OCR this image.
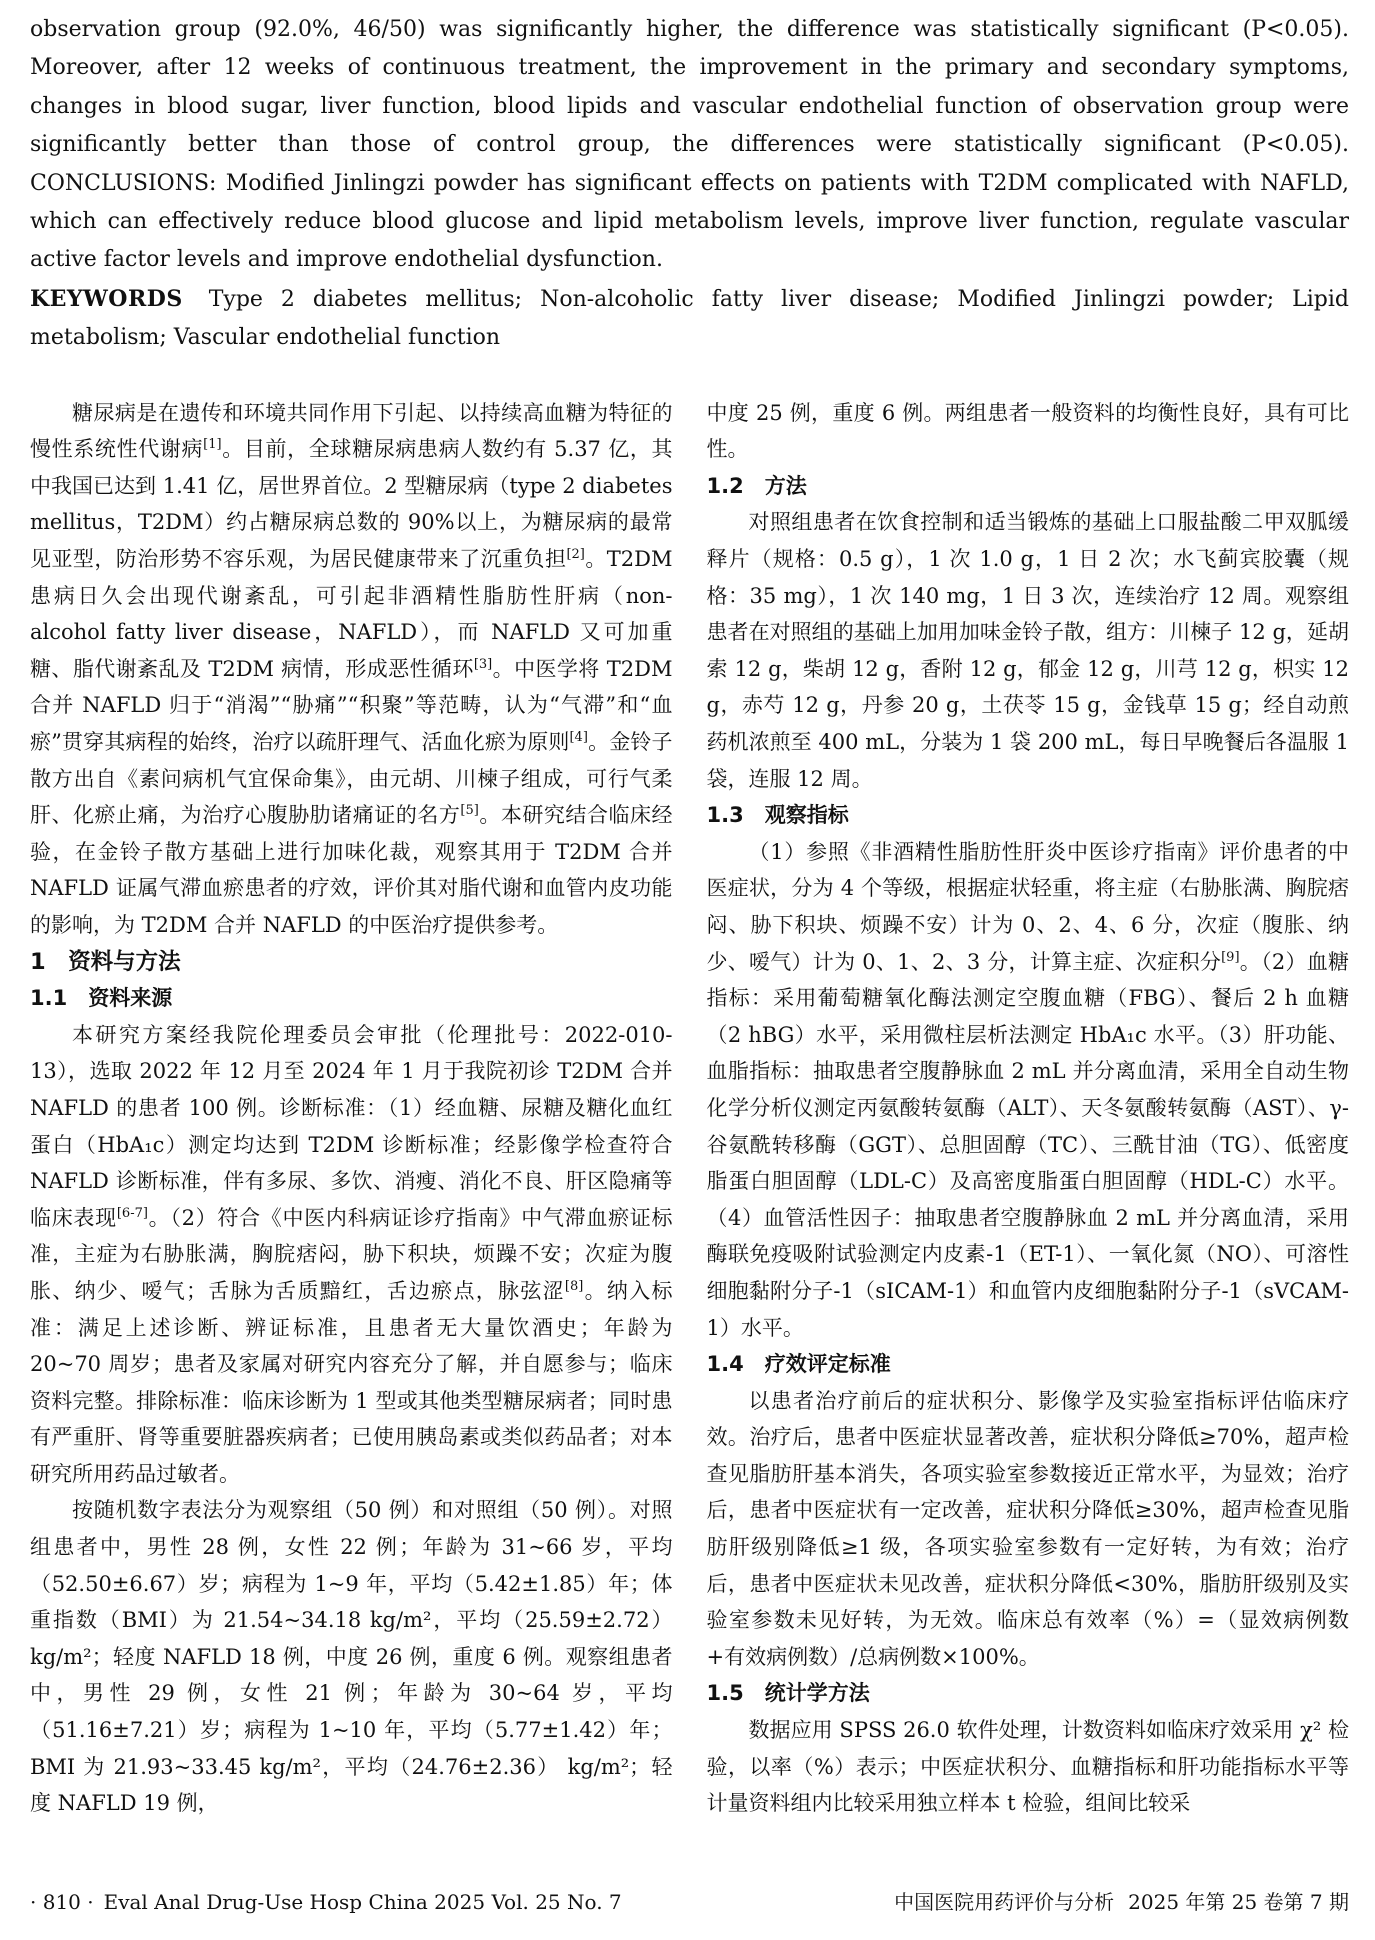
observation group (92.0%, 46/50) was significantly higher, the difference was statistically significant (P<0.05). Moreover, after 12 weeks of continuous treatment, the improvement in the primary and secondary symptoms, changes in blood sugar, liver function, blood lipids and vascular endothelial function of observation group were significantly better than those of control group, the differences were statistically significant (P<0.05). CONCLUSIONS: Modified Jinlingzi powder has significant effects on patients with T2DM complicated with NAFLD, which can effectively reduce blood glucose and lipid metabolism levels, improve liver function, regulate vascular active factor levels and improve endothelial dysfunction.

KEYWORDS Type 2 diabetes mellitus; Non-alcoholic fatty liver disease; Modified Jinlingzi powder; Lipid metabolism; Vascular endothelial function

糖尿病是在遗传和环境共同作用下引起、以持续高血糖为特征的慢性系统性代谢病[1]。目前，全球糖尿病患病人数约有 5.37 亿，其中我国已达到 1.41 亿，居世界首位。2 型糖尿病（type 2 diabetes mellitus，T2DM）约占糖尿病总数的 90%以上，为糖尿病的最常见亚型，防治形势不容乐观，为居民健康带来了沉重负担[2]。T2DM 患病日久会出现代谢紊乱，可引起非酒精性脂肪性肝病（non-alcohol fatty liver disease，NAFLD），而 NAFLD 又可加重糖、脂代谢紊乱及 T2DM 病情，形成恶性循环[3]。中医学将 T2DM 合并 NAFLD 归于“消渴”“胁痛”“积聚”等范畴，认为“气滞”和“血瘀”贯穿其病程的始终，治疗以疏肝理气、活血化瘀为原则[4]。金铃子散方出自《素问病机气宜保命集》，由元胡、川楝子组成，可行气柔肝、化瘀止痛，为治疗心腹胁肋诸痛证的名方[5]。本研究结合临床经验，在金铃子散方基础上进行加味化裁，观察其用于 T2DM 合并 NAFLD 证属气滞血瘀患者的疗效，评价其对脂代谢和血管内皮功能的影响，为 T2DM 合并 NAFLD 的中医治疗提供参考。

1　资料与方法
1.1　资料来源

本研究方案经我院伦理委员会审批（伦理批号：2022-010-13），选取 2022 年 12 月至 2024 年 1 月于我院初诊 T2DM 合并 NAFLD 的患者 100 例。诊断标准：（1）经血糖、尿糖及糖化血红蛋白（HbA₁c）测定均达到 T2DM 诊断标准；经影像学检查符合 NAFLD 诊断标准，伴有多尿、多饮、消瘦、消化不良、肝区隐痛等临床表现[6-7]。（2）符合《中医内科病证诊疗指南》中气滞血瘀证标准，主症为右胁胀满，胸脘痞闷，胁下积块，烦躁不安；次症为腹胀、纳少、嗳气；舌脉为舌质黯红，舌边瘀点，脉弦涩[8]。纳入标准：满足上述诊断、辨证标准，且患者无大量饮酒史；年龄为 20~70 周岁；患者及家属对研究内容充分了解，并自愿参与；临床资料完整。排除标准：临床诊断为 1 型或其他类型糖尿病者；同时患有严重肝、肾等重要脏器疾病者；已使用胰岛素或类似药品者；对本研究所用药品过敏者。

按随机数字表法分为观察组（50 例）和对照组（50 例）。对照组患者中，男性 28 例，女性 22 例；年龄为 31~66 岁，平均（52.50±6.67）岁；病程为 1~9 年，平均（5.42±1.85）年；体重指数（BMI）为 21.54~34.18 kg/m²，平均（25.59±2.72） kg/m²；轻度 NAFLD 18 例，中度 26 例，重度 6 例。观察组患者中，男性 29 例，女性 21 例；年龄为 30~64 岁，平均（51.16±7.21）岁；病程为 1~10 年，平均（5.77±1.42）年；BMI 为 21.93~33.45 kg/m²，平均（24.76±2.36） kg/m²；轻度 NAFLD 19 例，

中度 25 例，重度 6 例。两组患者一般资料的均衡性良好，具有可比性。

1.2　方法

对照组患者在饮食控制和适当锻炼的基础上口服盐酸二甲双胍缓释片（规格：0.5 g），1 次 1.0 g，1 日 2 次；水飞蓟宾胶囊（规格：35 mg），1 次 140 mg，1 日 3 次，连续治疗 12 周。观察组患者在对照组的基础上加用加味金铃子散，组方：川楝子 12 g，延胡索 12 g，柴胡 12 g，香附 12 g，郁金 12 g，川芎 12 g，枳实 12 g，赤芍 12 g，丹参 20 g，土茯苓 15 g，金钱草 15 g；经自动煎药机浓煎至 400 mL，分装为 1 袋 200 mL，每日早晚餐后各温服 1 袋，连服 12 周。

1.3　观察指标

（1）参照《非酒精性脂肪性肝炎中医诊疗指南》评价患者的中医症状，分为 4 个等级，根据症状轻重，将主症（右胁胀满、胸脘痞闷、胁下积块、烦躁不安）计为 0、2、4、6 分，次症（腹胀、纳少、嗳气）计为 0、1、2、3 分，计算主症、次症积分[9]。（2）血糖指标：采用葡萄糖氧化酶法测定空腹血糖（FBG）、餐后 2 h 血糖（2 hBG）水平，采用微柱层析法测定 HbA₁c 水平。（3）肝功能、血脂指标：抽取患者空腹静脉血 2 mL 并分离血清，采用全自动生物化学分析仪测定丙氨酸转氨酶（ALT）、天冬氨酸转氨酶（AST）、γ-谷氨酰转移酶（GGT）、总胆固醇（TC）、三酰甘油（TG）、低密度脂蛋白胆固醇（LDL-C）及高密度脂蛋白胆固醇（HDL-C）水平。（4）血管活性因子：抽取患者空腹静脉血 2 mL 并分离血清，采用酶联免疫吸附试验测定内皮素-1（ET-1）、一氧化氮（NO）、可溶性细胞黏附分子-1（sICAM-1）和血管内皮细胞黏附分子-1（sVCAM-1）水平。

1.4　疗效评定标准

以患者治疗前后的症状积分、影像学及实验室指标评估临床疗效。治疗后，患者中医症状显著改善，症状积分降低≥70%，超声检查见脂肪肝基本消失，各项实验室参数接近正常水平，为显效；治疗后，患者中医症状有一定改善，症状积分降低≥30%，超声检查见脂肪肝级别降低≥1 级，各项实验室参数有一定好转，为有效；治疗后，患者中医症状未见改善，症状积分降低<30%，脂肪肝级别及实验室参数未见好转，为无效。临床总有效率（%）=（显效病例数+有效病例数）/总病例数×100%。

1.5　统计学方法

数据应用 SPSS 26.0 软件处理，计数资料如临床疗效采用 χ² 检验，以率（%）表示；中医症状积分、血糖指标和肝功能指标水平等计量资料组内比较采用独立样本 t 检验，组间比较采

· 810 · Eval Anal Drug-Use Hosp China 2025 Vol. 25 No. 7	中国医院用药评价与分析 2025 年第 25 卷第 7 期
